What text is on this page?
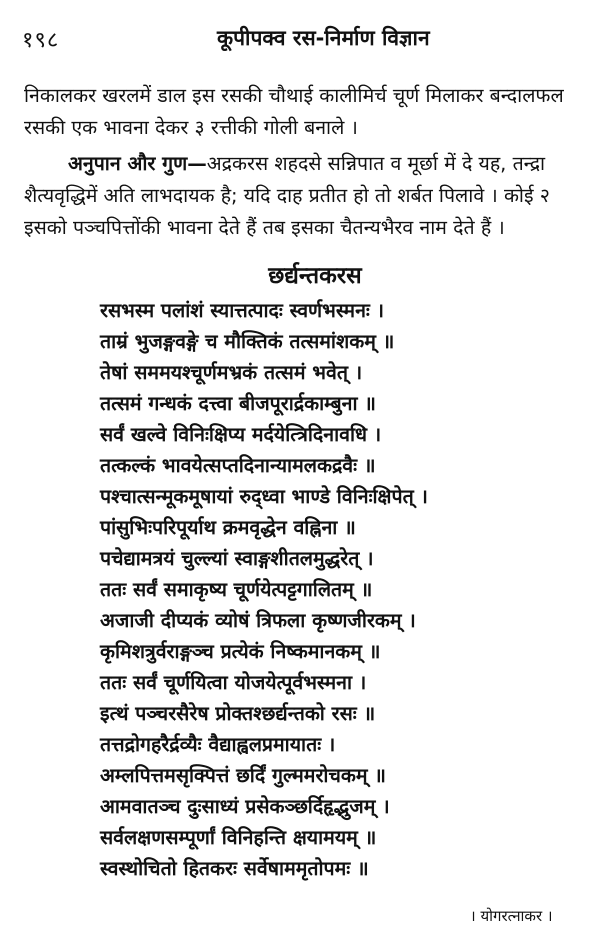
१९८	कूपीपक्व रस-निर्माण विज्ञान

निकालकर खरलमें डाल इस रसकी चौथाई कालीमिर्च चूर्ण मिलाकर बन्दालफल रसकी एक भावना देकर ३ रत्तीकी गोली बनाले ।

अनुपान और गुण—अद्रकरस शहदसे सन्निपात व मूर्छा में दे यह, तन्द्रा शैत्यवृद्धिमें अति लाभदायक है; यदि दाह प्रतीत हो तो शर्बत पिलावे । कोई २ इसको पञ्चपित्तोंकी भावना देते हैं तब इसका चैतन्यभैरव नाम देते हैं ।

छर्द्यन्तकरस
रसभस्म पलांशं स्यात्तत्पादः स्वर्णभस्मनः ।
ताम्रं भुजङ्गवङ्गे च मौक्तिकं तत्समांशकम् ॥
तेषां सममयश्चूर्णमभ्रकं तत्समं भवेत् ।
तत्समं गन्धकं दत्त्वा बीजपूरार्द्रकाम्बुना ॥
सर्वं खल्वे विनिःक्षिप्य मर्दयेत्त्रिदिनावधि ।
तत्कल्कं भावयेत्सप्तदिनान्यामलकद्रवैः ॥
पश्चात्सन्मूकमूषायां रुद्ध्वा भाण्डे विनिःक्षिपेत् ।
पांसुभिःपरिपूर्याथ क्रमवृद्धेन वह्निना ॥
पचेद्यामत्रयं चुल्ल्यां स्वाङ्गशीतलमुद्धरेत् ।
ततः सर्वं समाकृष्य चूर्णयेत्पट्टगालितम् ॥
अजाजी दीप्यकं व्योषं त्रिफला कृष्णजीरकम् ।
कृमिशत्रुर्वराङ्गञ्च प्रत्येकं निष्कमानकम् ॥
ततः सर्वं चूर्णयित्वा योजयेत्पूर्वभस्मना ।
इत्थं पञ्चरसैरेष प्रोक्तश्छर्द्यन्तको रसः ॥
तत्तद्रोगहरैर्द्रव्यैः वैद्याह्वलप्रमायातः ।
अम्लपित्तमसृक्पित्तं छर्दिं गुल्ममरोचकम् ॥
आमवातञ्च दुःसाध्यं प्रसेकञ्छर्दिहृद्भुजम् ।
सर्वलक्षणसम्पूर्णां विनिहन्ति क्षयामयम् ॥
स्वस्थोचितो हितकरः सर्वेषाममृतोपमः ॥
। योगरत्नाकर ।
